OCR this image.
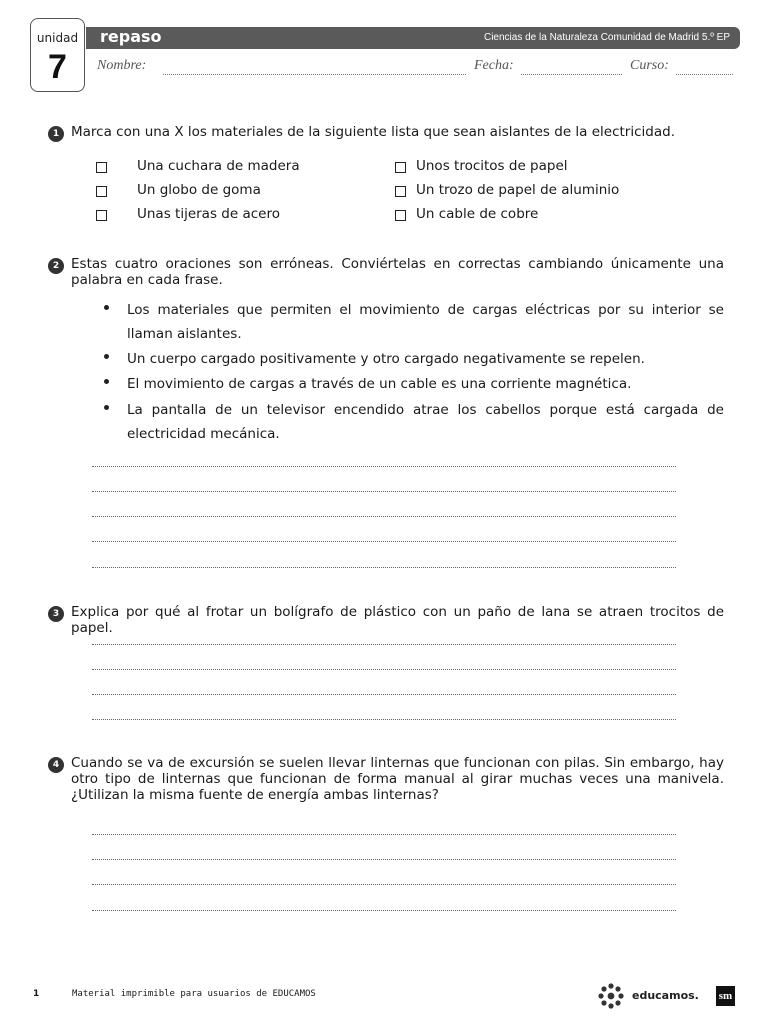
unidad
7
repaso	Ciencias de la Naturaleza Comunidad de Madrid 5.º EP
Nombre:	Fecha:	Curso:
1 Marca con una X los materiales de la siguiente lista que sean aislantes de la electricidad.
Una cuchara de madera
Un globo de goma
Unas tijeras de acero
Unos trocitos de papel
Un trozo de papel de aluminio
Un cable de cobre
2 Estas cuatro oraciones son erróneas. Conviértelas en correctas cambiando únicamente una palabra en cada frase.
Los materiales que permiten el movimiento de cargas eléctricas por su interior se llaman aislantes.
Un cuerpo cargado positivamente y otro cargado negativamente se repelen.
El movimiento de cargas a través de un cable es una corriente magnética.
La pantalla de un televisor encendido atrae los cabellos porque está cargada de electricidad mecánica.
3 Explica por qué al frotar un bolígrafo de plástico con un paño de lana se atraen trocitos de papel.
4 Cuando se va de excursión se suelen llevar linternas que funcionan con pilas. Sin embargo, hay otro tipo de linternas que funcionan de forma manual al girar muchas veces una manivela. ¿Utilizan la misma fuente de energía ambas linternas?
1	Material imprimible para usuarios de EDUCAMOS	educamos. sm
